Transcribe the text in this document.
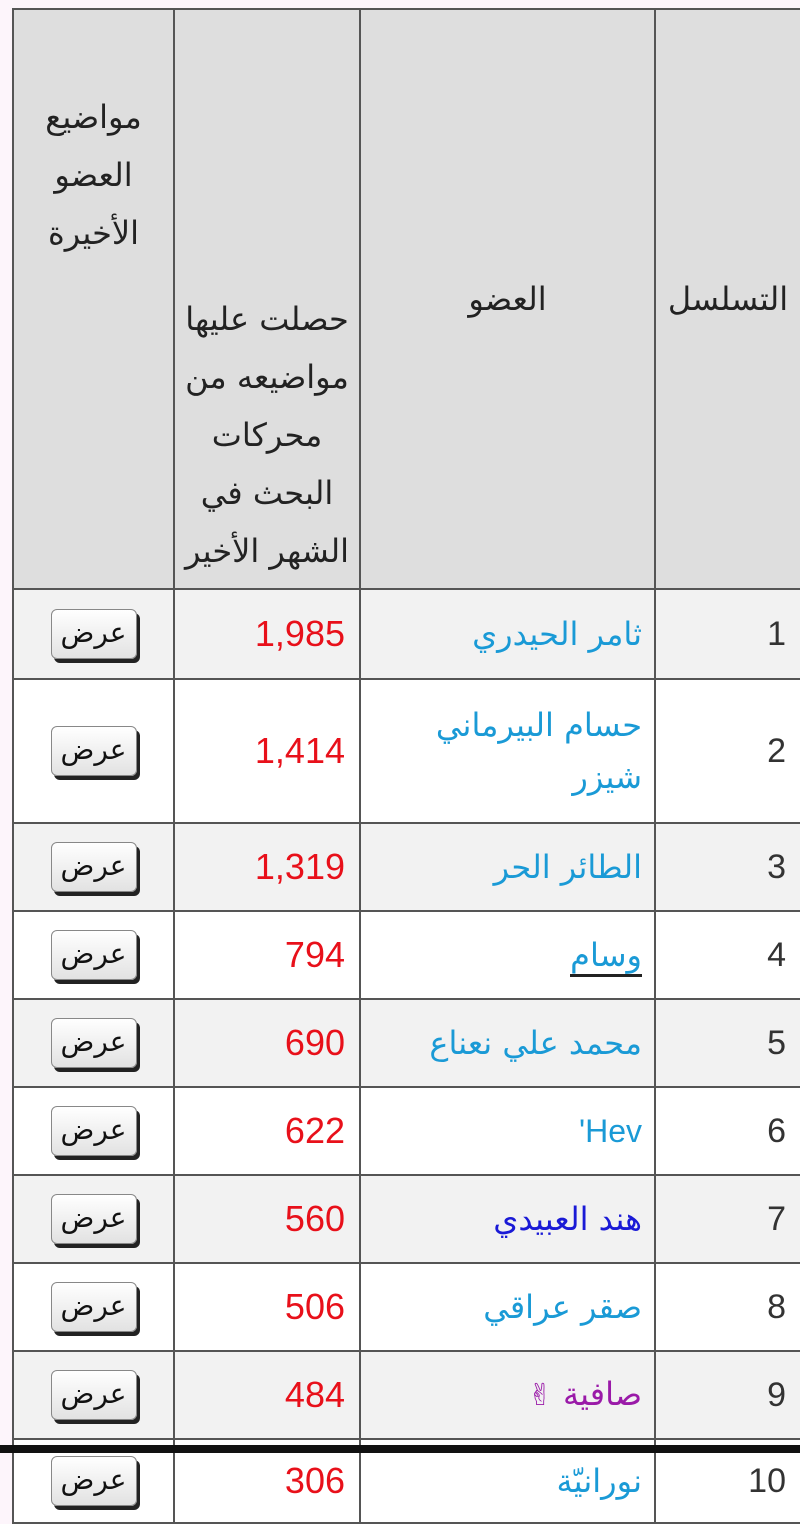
التسلسل	العضو	حصلت عليها مواضيعه من محركات البحث في الشهر الأخير	مواضيع العضو الأخيرة
1	ثامر الحيدري	1,985	عرض
2	حسام البيرماني شيزر	1,414	عرض
3	الطائر الحر	1,319	عرض
4	وسام	794	عرض
5	محمد علي نعناع	690	عرض
6	Hev'	622	عرض
7	هند العبيدي	560	عرض
8	صقر عراقي	506	عرض
9	صافية ✌	484	عرض
10	نورانيّة	306	عرض
